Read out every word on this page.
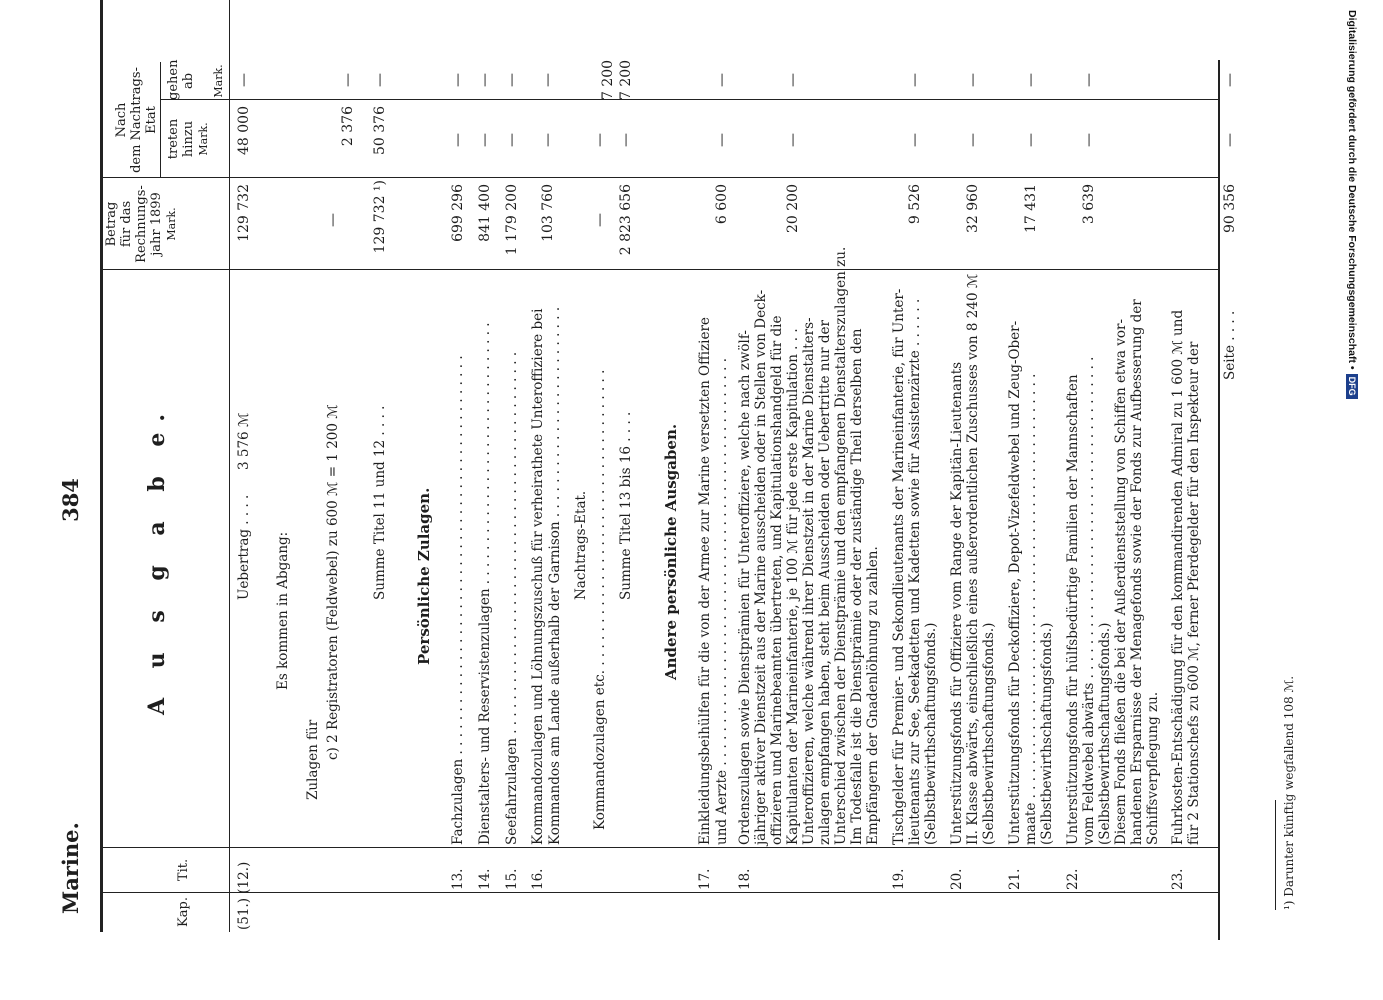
Marine.
384
Kap.
Tit.
A u s g a b e.
Betrag für das Rechnungs- jahr 1899 Mark.
Nach dem Nachtrags-Etat treten hinzu Mark.
gehen ab Mark.
(51.) (12.)
Uebertrag . . . .
3 576 ℳ
129 732
48 000
—
Es kommen in Abgang:
Zulagen für c) 2 Registratoren (Feldwebel) zu 600 ℳ = 1 200 ℳ
—
2 376
—
Summe Titel 11 und 12 . . . .
129 732 ¹)
50 376
—
Persönliche Zulagen.
13.
Fachzulagen . . . . . . . . . . . . . . . . . . . . . . . . . . . . . . . . . . . . . . . . . . . . . . .
699 296
—
—
14.
Dienstalters- und Reservistenzulagen . . . . . . . . . . . . . . . . . . . . . . . . . . . . . . .
841 400
—
—
15.
Seefahrzulagen . . . . . . . . . . . . . . . . . . . . . . . . . . . . . . . . . . . . . . . . . . . . .
1 179 200
—
—
16.
Kommandozulagen und Löhnungszuschuß für verheirathete Unteroffiziere bei Kommandos am Lande außerhalb der Garnison . . . . . . . . . . . . . . . . . . . . . . . . .
103 760
—
—
Nachtrags-Etat. Kommandozulagen etc. . . . . . . . . . . . . . . . . . . . . . . . . . . . . . . . . . . .
—
—
7 200
Summe Titel 13 bis 16 . . . .
2 823 656
—
7 200
Andere persönliche Ausgaben.
17.
Einkleidungsbeihülfen für die von der Armee zur Marine versetzten Offiziere und Aerzte . . . . . . . . . . . . . . . . . . . . . . . . . . . . . . . . . . . . . . . . . . . . . . . .
6 600
—
—
18.
Ordenszulagen sowie Dienstprämien für Unteroffiziere, welche nach zwölf- jähriger aktiver Dienstzeit aus der Marine ausscheiden oder in Stellen von Deck- offizieren und Marinebeamten übertreten, und Kapitulationshandgeld für die Kapitulanten der Marineinfanterie, je 100 ℳ für jede erste Kapitulation . . . Unteroffizieren, welche während ihrer Dienstzeit in der Marine Dienstalters- zulagen empfangen haben, steht beim Ausscheiden oder Uebertritte nur der Unterschied zwischen der Dienstprämie und den empfangenen Dienstalterszulagen zu. Im Todesfalle ist die Dienstprämie oder der zuständige Theil derselben den Empfängern der Gnadenlöhnung zu zahlen.
20 200
—
—
19.
Tischgelder für Premier- und Sekondlieutenants der Marineinfanterie, für Unter- lieutenants zur See, Seekadetten und Kadetten sowie für Assistenzärzte . . . . . . (Selbstbewirthschaftungsfonds.)
9 526
—
—
20.
Unterstützungsfonds für Offiziere vom Range der Kapitän-Lieutenants II. Klasse abwärts, einschließlich eines außerordentlichen Zuschusses von 8 240 ℳ (Selbstbewirthschaftungsfonds.)
32 960
—
—
21.
Unterstützungsfonds für Deckoffiziere, Depot-Vizefeldwebel und Zeug-Ober- maate . . . . . . . . . . . . . . . . . . . . . . . . . . . . . . . . . . . . . . . . . . . . . . . . . . (Selbstbewirthschaftungsfonds.)
17 431
—
—
22.
Unterstützungsfonds für hülfsbedürftige Familien der Mannschaften vom Feldwebel abwärts . . . . . . . . . . . . . . . . . . . . . . . . . . . . . . . . . . . . . . (Selbstbewirthschaftungsfonds.) Diesem Fonds fließen die bei der Außerdienststellung von Schiffen etwa vor- handenen Ersparnisse der Menagefonds sowie der Fonds zur Aufbesserung der Schiffsverpflegung zu.
3 639
—
—
23.
Fuhrkosten-Entschädigung für den kommandirenden Admiral zu 1 600 ℳ und für 2 Stationschefs zu 600 ℳ, ferner Pferdegelder für den Inspekteur der Seite . . . .
90 356
—
—
¹) Darunter künftig wegfallend 108 ℳ.
Digitalisierung gefördert durch die Deutsche Forschungsgemeinschaft •DFG
